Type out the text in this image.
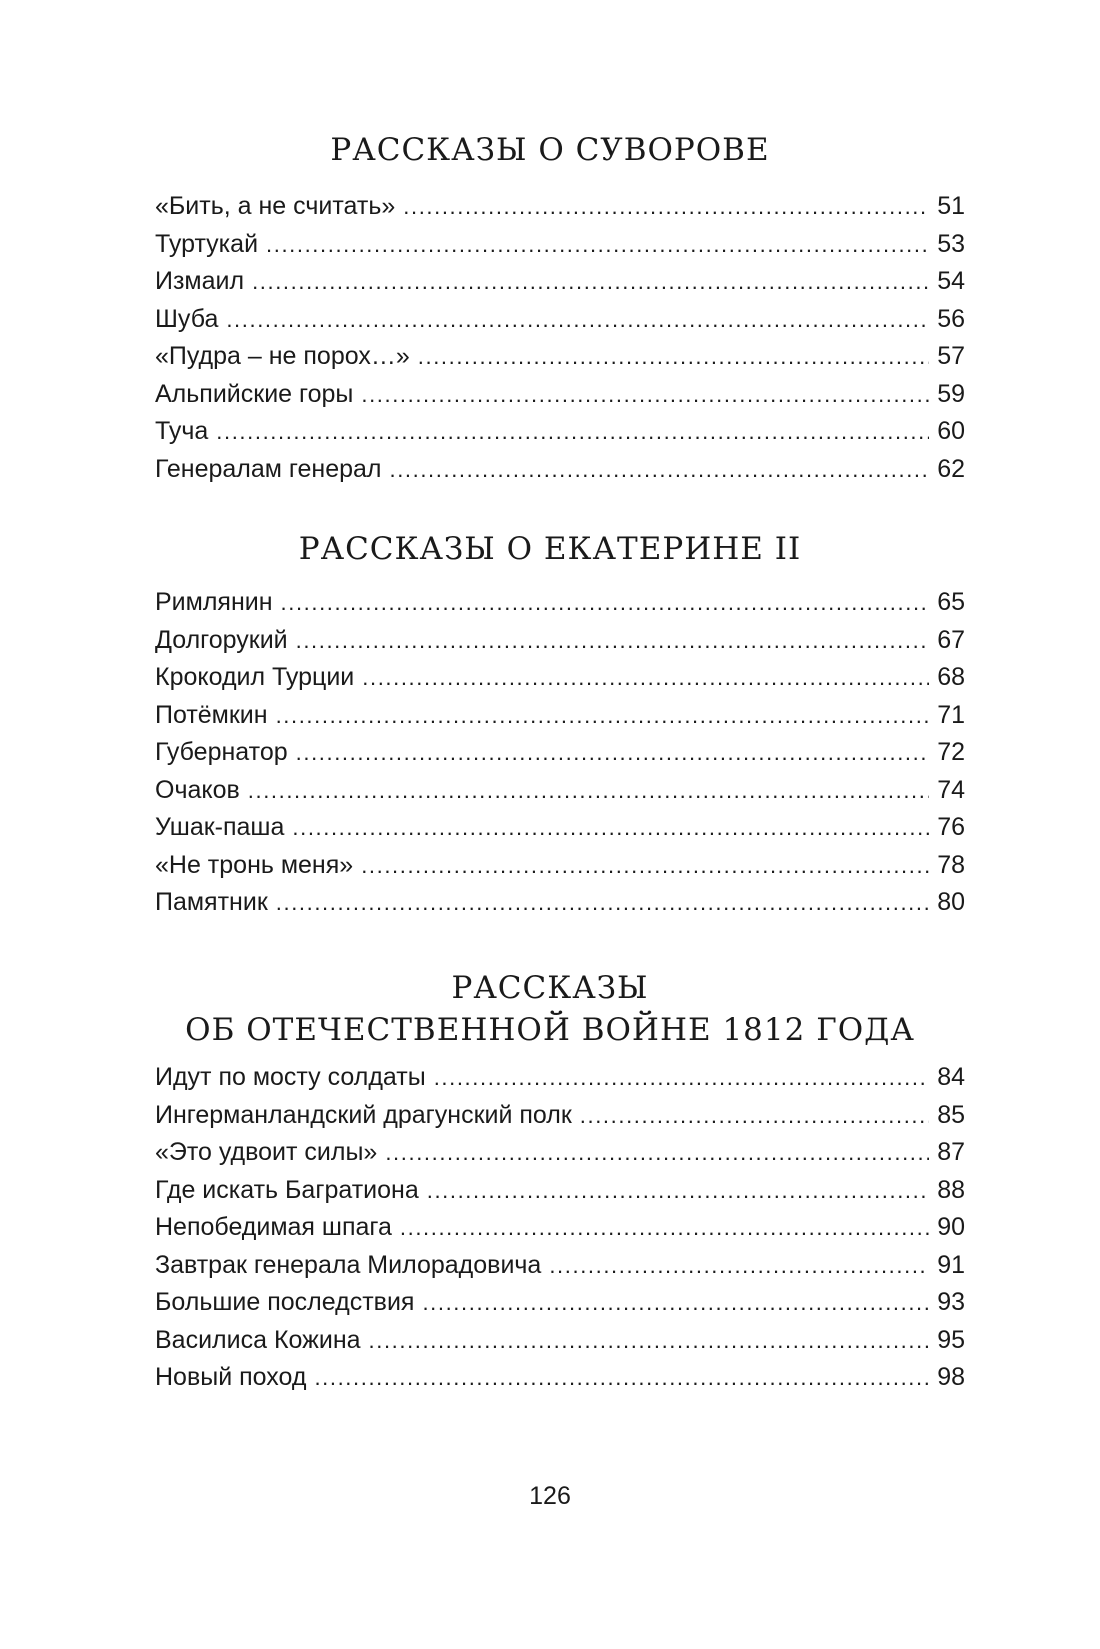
РАССКАЗЫ О СУВОРОВЕ
«Бить, а не считать» .....	51
Туртукай .....	53
Измаил .....	54
Шуба .....	56
«Пудра – не порох…» .....	57
Альпийские горы .....	59
Туча .....	60
Генералам генерал .....	62
РАССКАЗЫ О ЕКАТЕРИНЕ II
Римлянин .....	65
Долгорукий .....	67
Крокодил Турции .....	68
Потёмкин .....	71
Губернатор .....	72
Очаков .....	74
Ушак-паша .....	76
«Не тронь меня» .....	78
Памятник .....	80
РАССКАЗЫ
ОБ ОТЕЧЕСТВЕННОЙ ВОЙНЕ 1812 ГОДА
Идут по мосту солдаты .....	84
Ингерманландский драгунский полк .....	85
«Это удвоит силы» .....	87
Где искать Багратиона .....	88
Непобедимая шпага .....	90
Завтрак генерала Милорадовича .....	91
Большие последствия .....	93
Василиса Кожина .....	95
Новый поход .....	98
126
